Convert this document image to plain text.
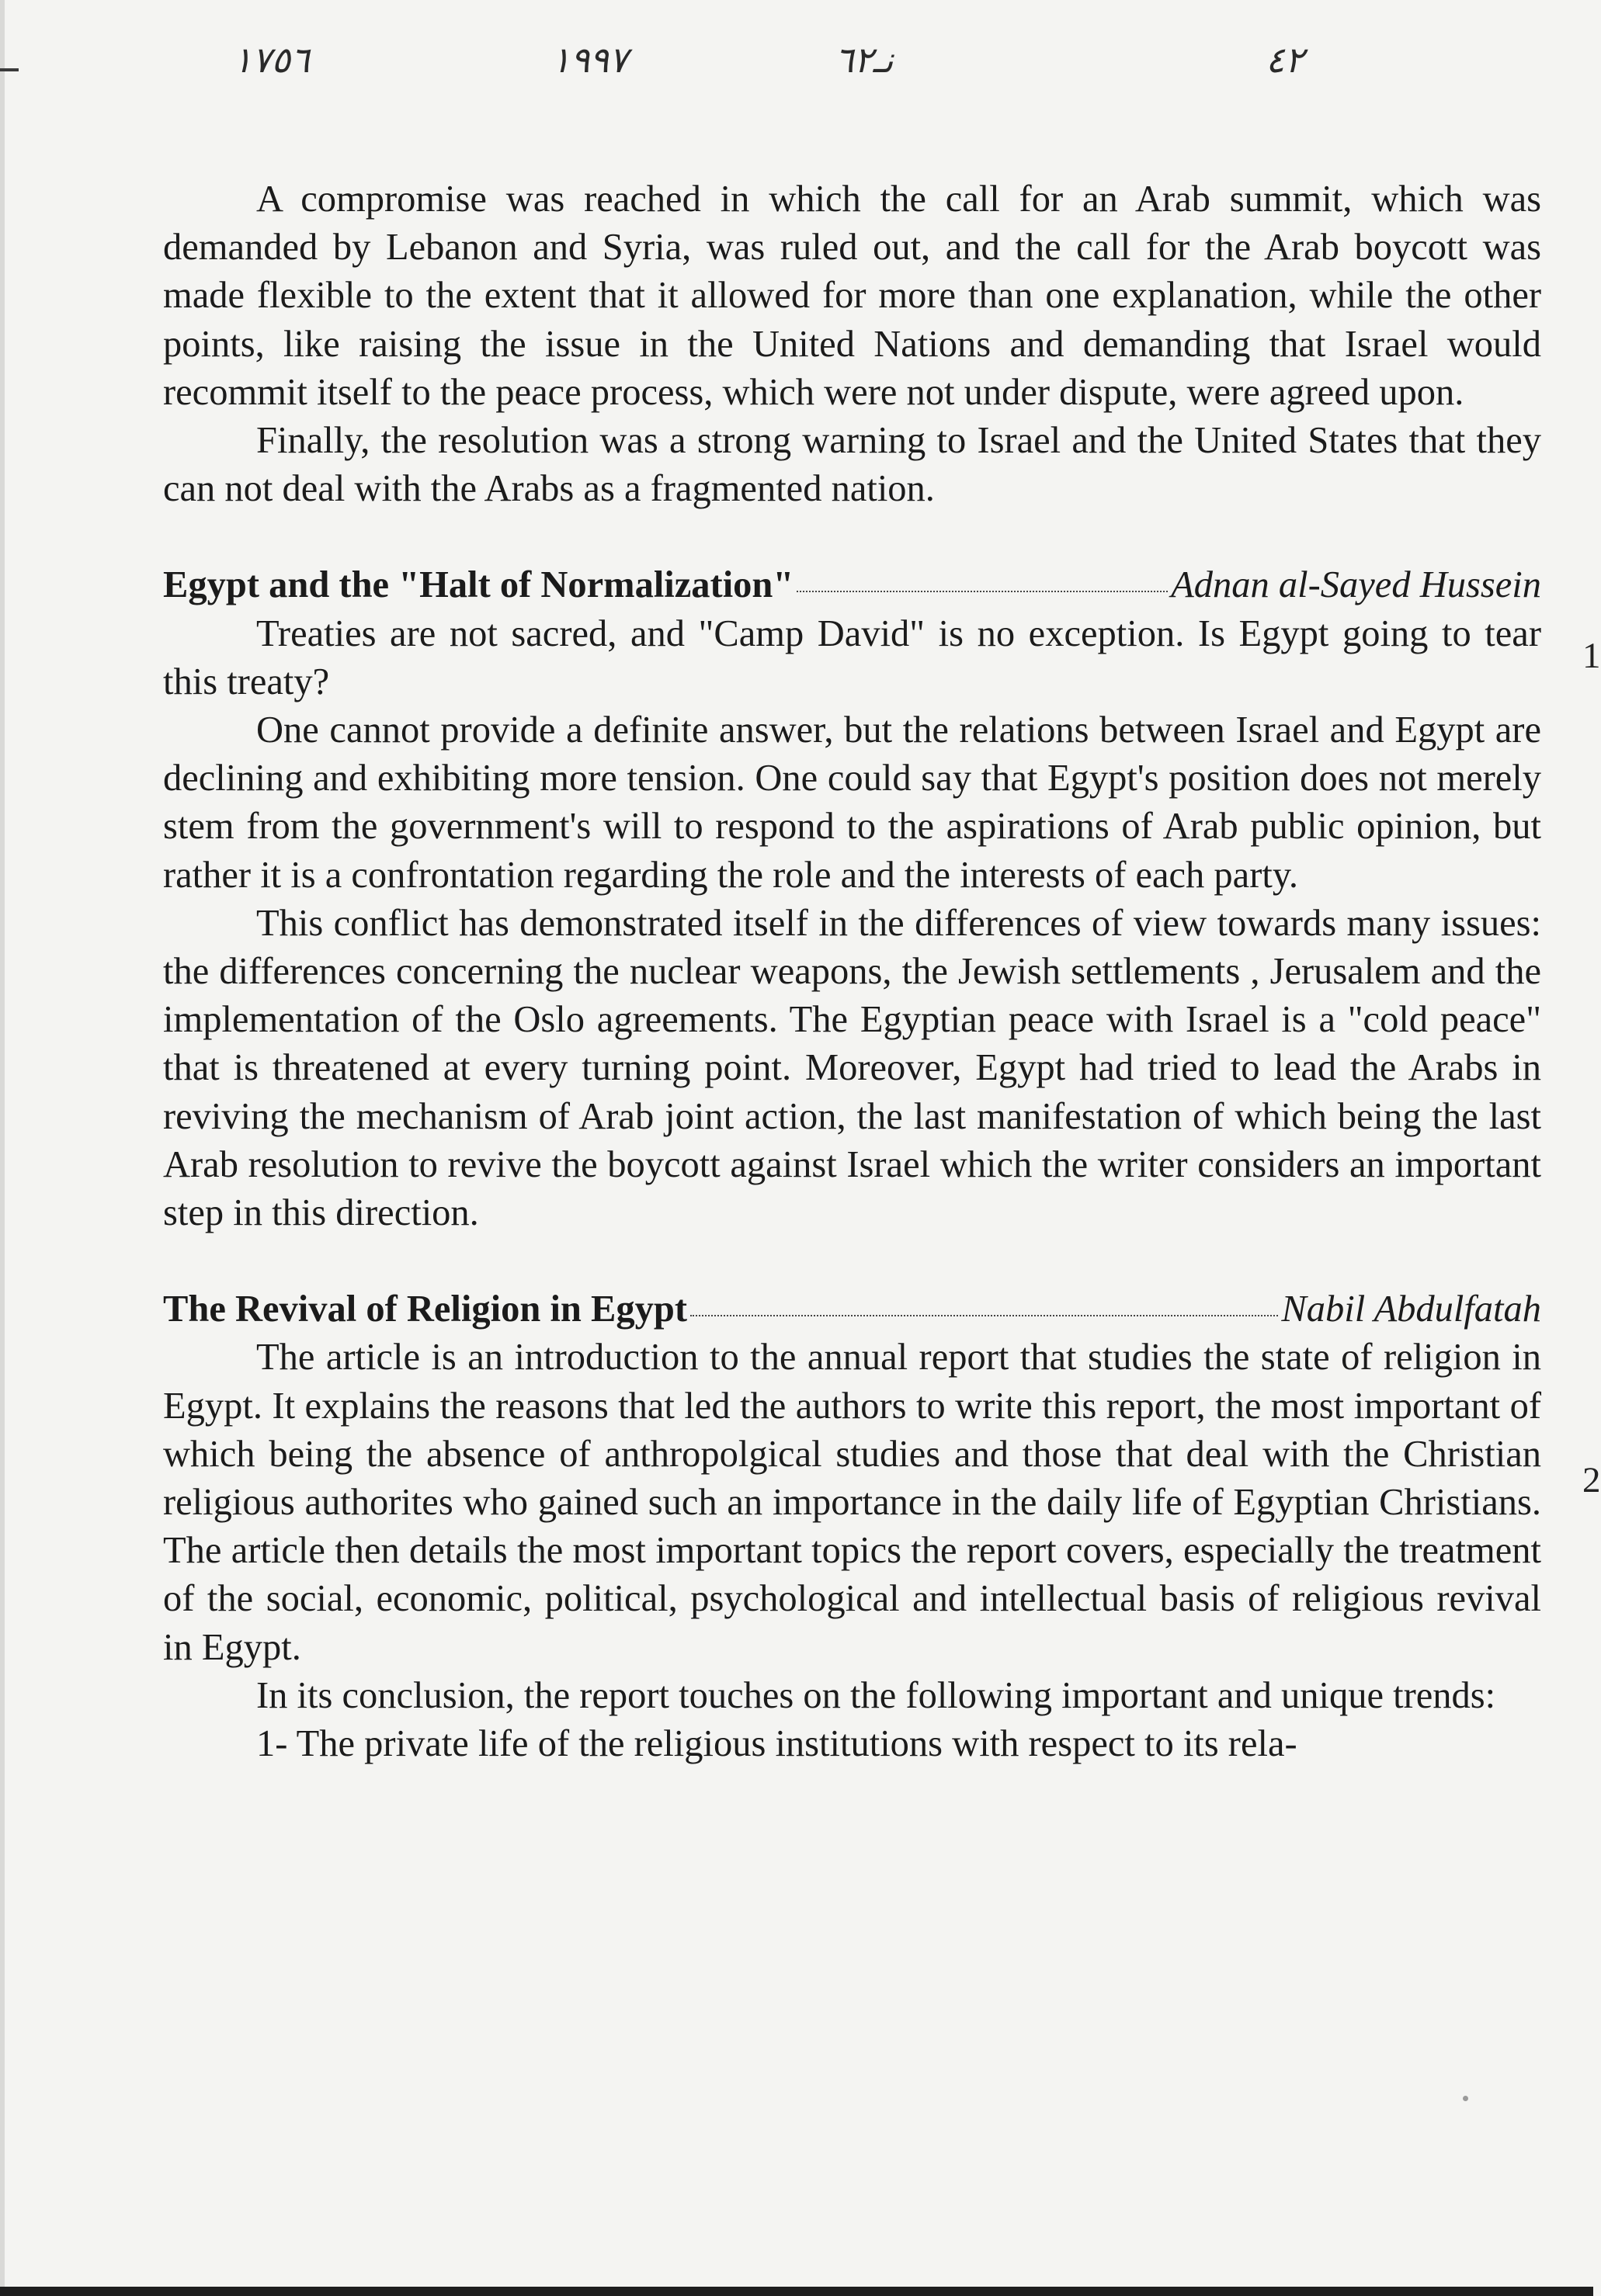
١٧٥٦	١٩٩٧	نـ٦٢	٤٢

A compromise was reached in which the call for an Arab summit, which was demanded by Lebanon and Syria, was ruled out, and the call for the Arab boycott was made flexible to the extent that it allowed for more than one explanation, while the other points, like raising the issue in the United Nations and demanding that Israel would recommit itself to the peace process, which were not under dispute, were agreed upon.

Finally, the resolution was a strong warning to Israel and the United States that they can not deal with the Arabs as a fragmented nation.

Egypt and the "Halt of Normalization"	Adnan al-Sayed Hussein

Treaties are not sacred, and "Camp David" is no exception. Is Egypt going to tear this treaty?

One cannot provide a definite answer, but the relations between Israel and Egypt are declining and exhibiting more tension. One could say that Egypt's position does not merely stem from the government's will to respond to the aspirations of Arab public opinion, but rather it is a confrontation regarding the role and the interests of each party.

This conflict has demonstrated itself in the differences of view towards many issues: the differences concerning the nuclear weapons, the Jewish settlements , Jerusalem and the implementation of the Oslo agreements. The Egyptian peace with Israel is a "cold peace" that is threatened at every turning point. Moreover, Egypt had tried to lead the Arabs in reviving the mechanism of Arab joint action, the last manifestation of which being the last Arab resolution to revive the boycott against Israel which the writer considers an important step in this direction.

The Revival of Religion in Egypt	Nabil Abdulfatah

The article is an introduction to the annual report that studies the state of religion in Egypt. It explains the reasons that led the authors to write this report, the most important of which being the absence of anthropolgical studies and those that deal with the Christian religious authorites who gained such an importance in the daily life of Egyptian Christians. The article then details the most important topics the report covers, especially the treatment of the social, economic, political, psychological and intellectual basis of religious revival in Egypt.

In its conclusion, the report touches on the following important and unique trends:

1- The private life of the religious institutions with respect to its rela-

1
2
